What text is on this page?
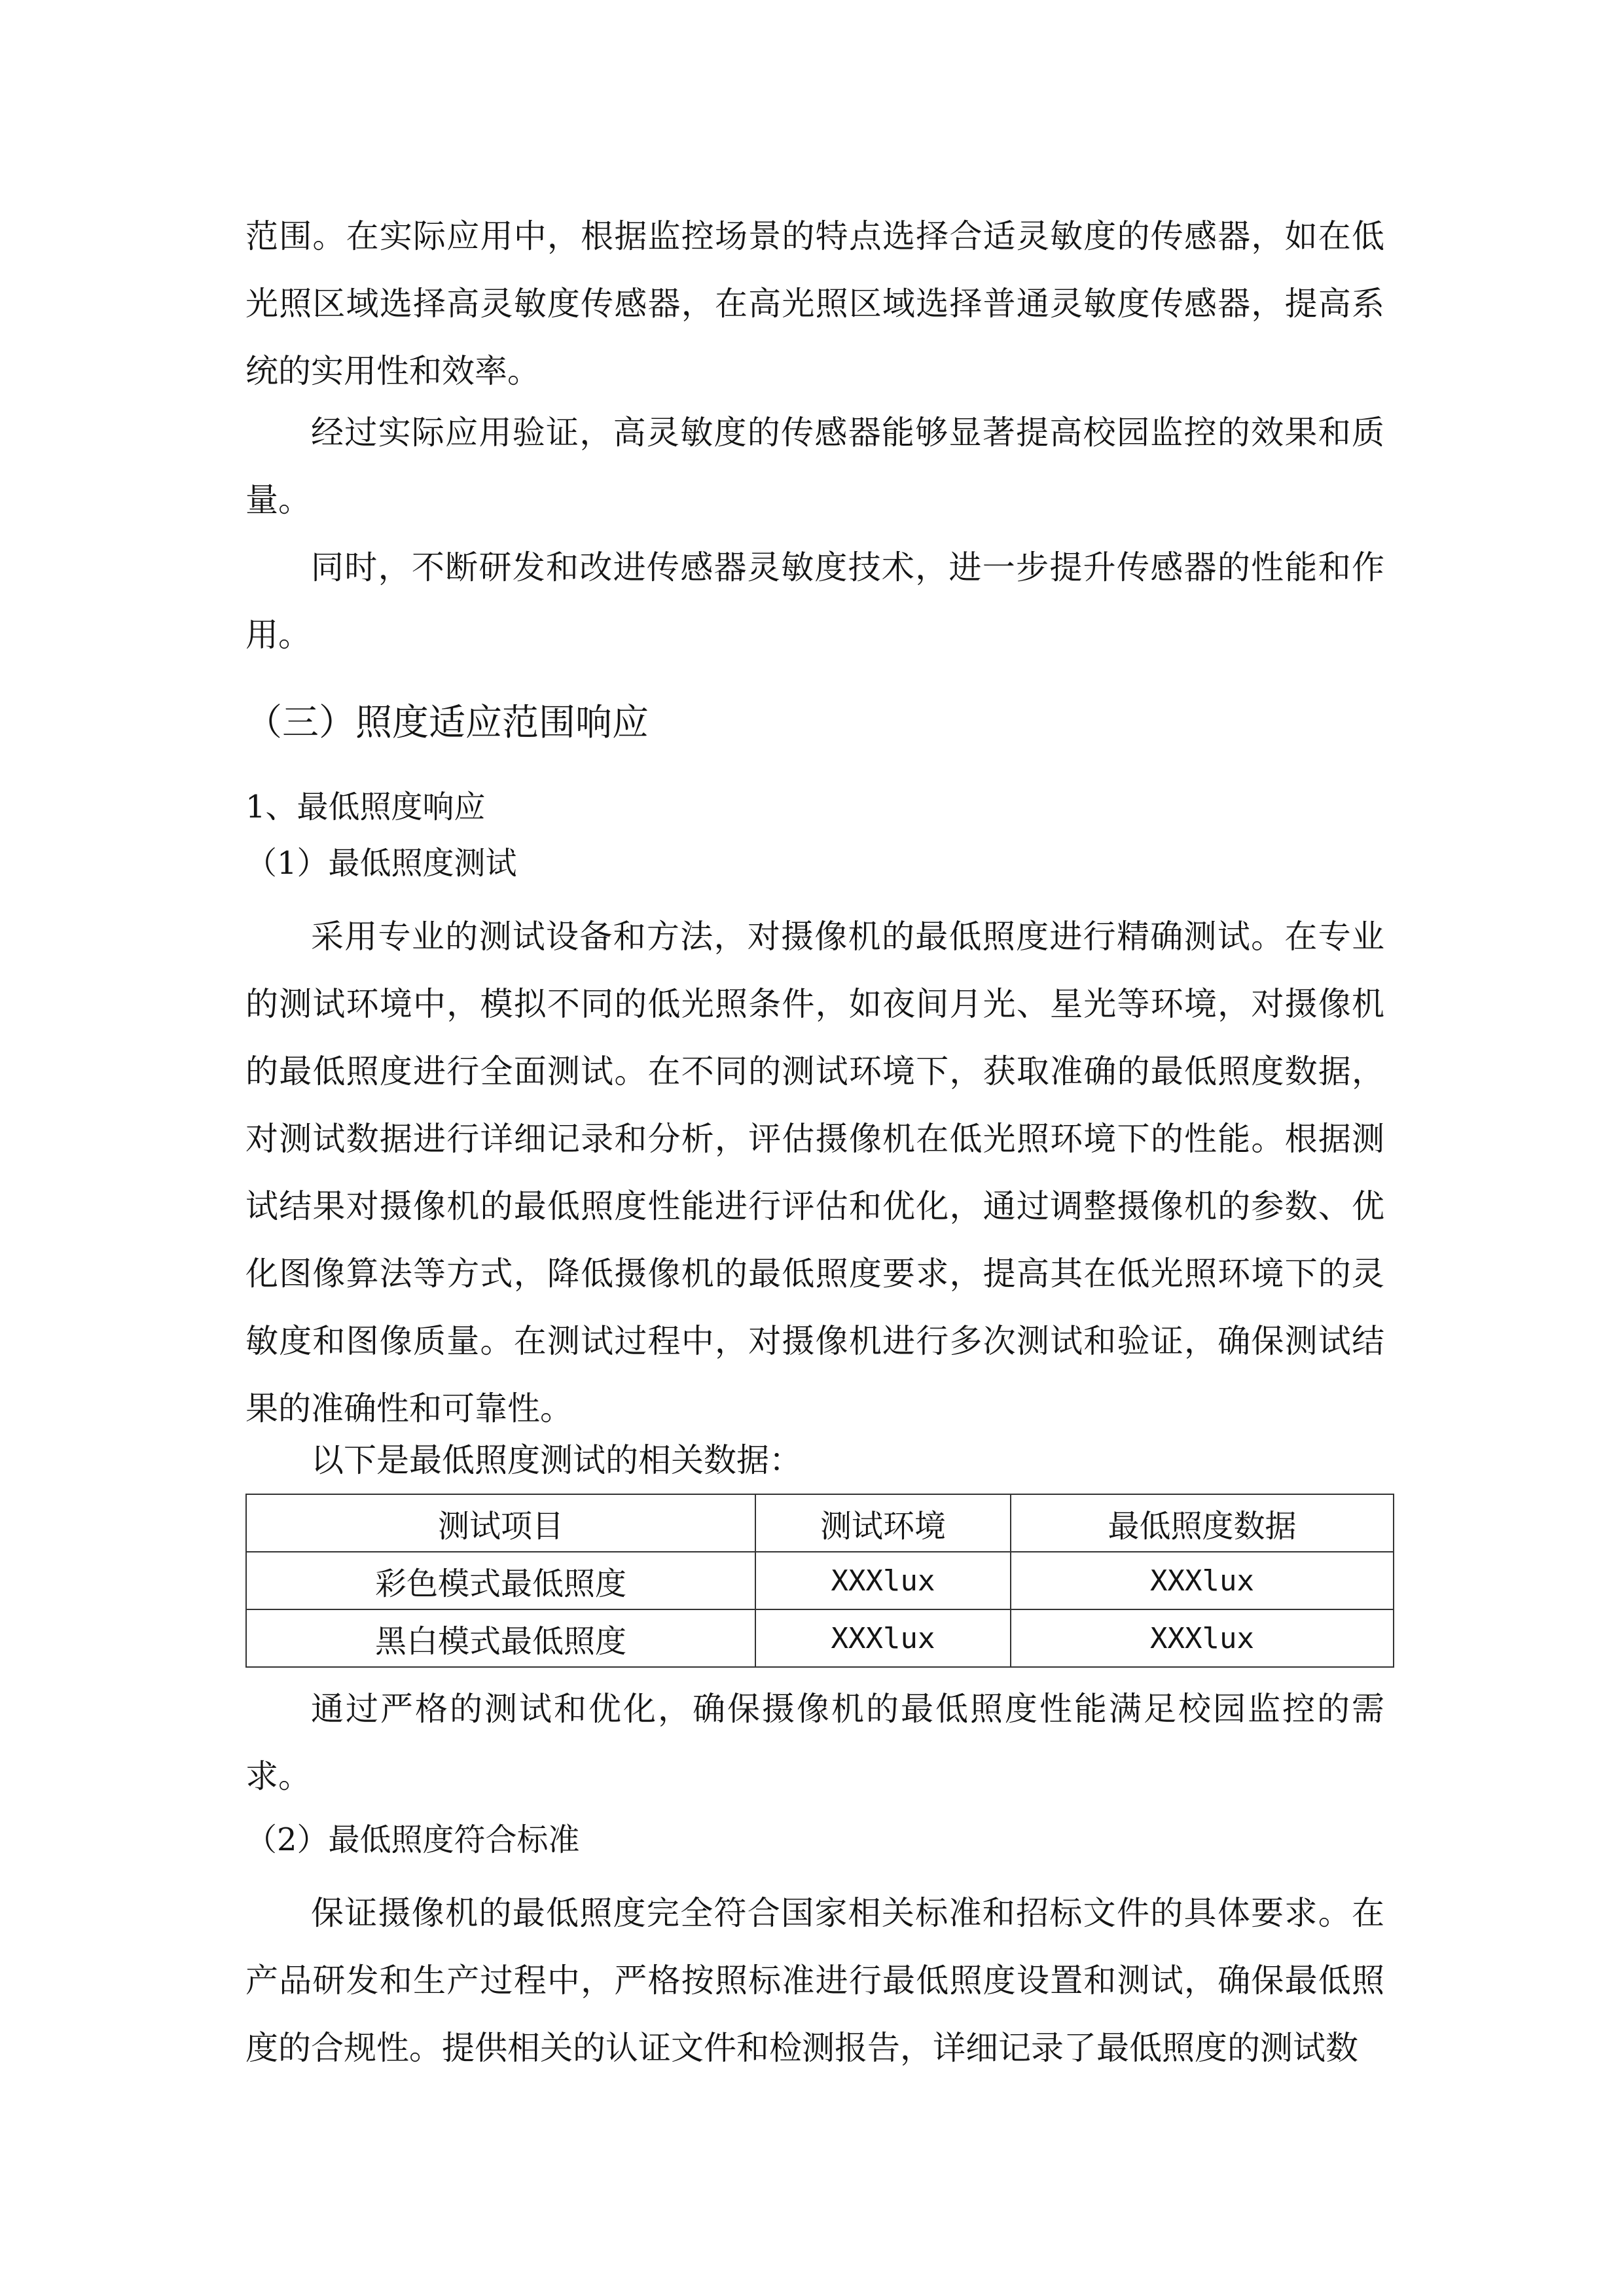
范围。在实际应用中，根据监控场景的特点选择合适灵敏度的传感器，如在低光照区域选择高灵敏度传感器，在高光照区域选择普通灵敏度传感器，提高系统的实用性和效率。

经过实际应用验证，高灵敏度的传感器能够显著提高校园监控的效果和质量。

同时，不断研发和改进传感器灵敏度技术，进一步提升传感器的性能和作用。

（三）照度适应范围响应
1、最低照度响应
（1）最低照度测试

采用专业的测试设备和方法，对摄像机的最低照度进行精确测试。在专业的测试环境中，模拟不同的低光照条件，如夜间月光、星光等环境，对摄像机的最低照度进行全面测试。在不同的测试环境下，获取准确的最低照度数据，对测试数据进行详细记录和分析，评估摄像机在低光照环境下的性能。根据测试结果对摄像机的最低照度性能进行评估和优化，通过调整摄像机的参数、优化图像算法等方式，降低摄像机的最低照度要求，提高其在低光照环境下的灵敏度和图像质量。在测试过程中，对摄像机进行多次测试和验证，确保测试结果的准确性和可靠性。

以下是最低照度测试的相关数据：

测试项目	测试环境	最低照度数据
彩色模式最低照度	XXXlux	XXXlux
黑白模式最低照度	XXXlux	XXXlux

通过严格的测试和优化，确保摄像机的最低照度性能满足校园监控的需求。

（2）最低照度符合标准

保证摄像机的最低照度完全符合国家相关标准和招标文件的具体要求。在产品研发和生产过程中，严格按照标准进行最低照度设置和测试，确保最低照度的合规性。提供相关的认证文件和检测报告，详细记录了最低照度的测试数
